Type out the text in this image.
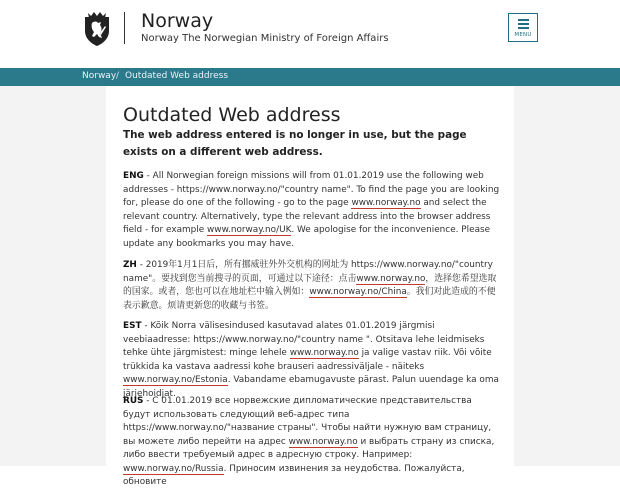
Norway
Norway The Norwegian Ministry of Foreign Affairs	MENU
Norway / Outdated Web address
Outdated Web address

The web address entered is no longer in use, but the page exists on a different web address.

ENG - All Norwegian foreign missions will from 01.01.2019 use the following web addresses - https://www.norway.no/"country name". To find the page you are looking for, please do one of the following - go to the page www.norway.no and select the relevant country. Alternatively, type the relevant address into the browser address field - for example www.norway.no/UK. We apologise for the inconvenience. Please update any bookmarks you may have.

ZH - 2019年1月1日后，所有挪威驻外外交机构的网址为 https://www.norway.no/"country name"。要找到您当前搜寻的页面，可通过以下途径：点击www.norway.no，选择您希望选取的国家。或者，您也可以在地址栏中输入例如：www.norway.no/China。我们对此造成的不便表示歉意。烦请更新您的收藏与书签。

EST - Kõik Norra välisesindused kasutavad alates 01.01.2019 järgmisi veebiaadresse: https://www.norway.no/"country name ". Otsitava lehe leidmiseks tehke ühte järgmistest: minge lehele www.norway.no ja valige vastav riik. Või võite trükkida ka vastava aadressi kohe brauseri aadressiväljale - näiteks www.norway.no/Estonia. Vabandame ebamugavuste pärast. Palun uuendage ka oma järjehoidjat.

RUS - С 01.01.2019 все норвежские дипломатические представительства будут использовать следующий веб-адрес типа https://www.norway.no/"название страны". Чтобы найти нужную вам страницу, вы можете либо перейти на адрес www.norway.no и выбрать страну из списка, либо ввести требуемый адрес в адресную строку. Например: www.norway.no/Russia. Приносим извинения за неудобства. Пожалуйста, обновите
